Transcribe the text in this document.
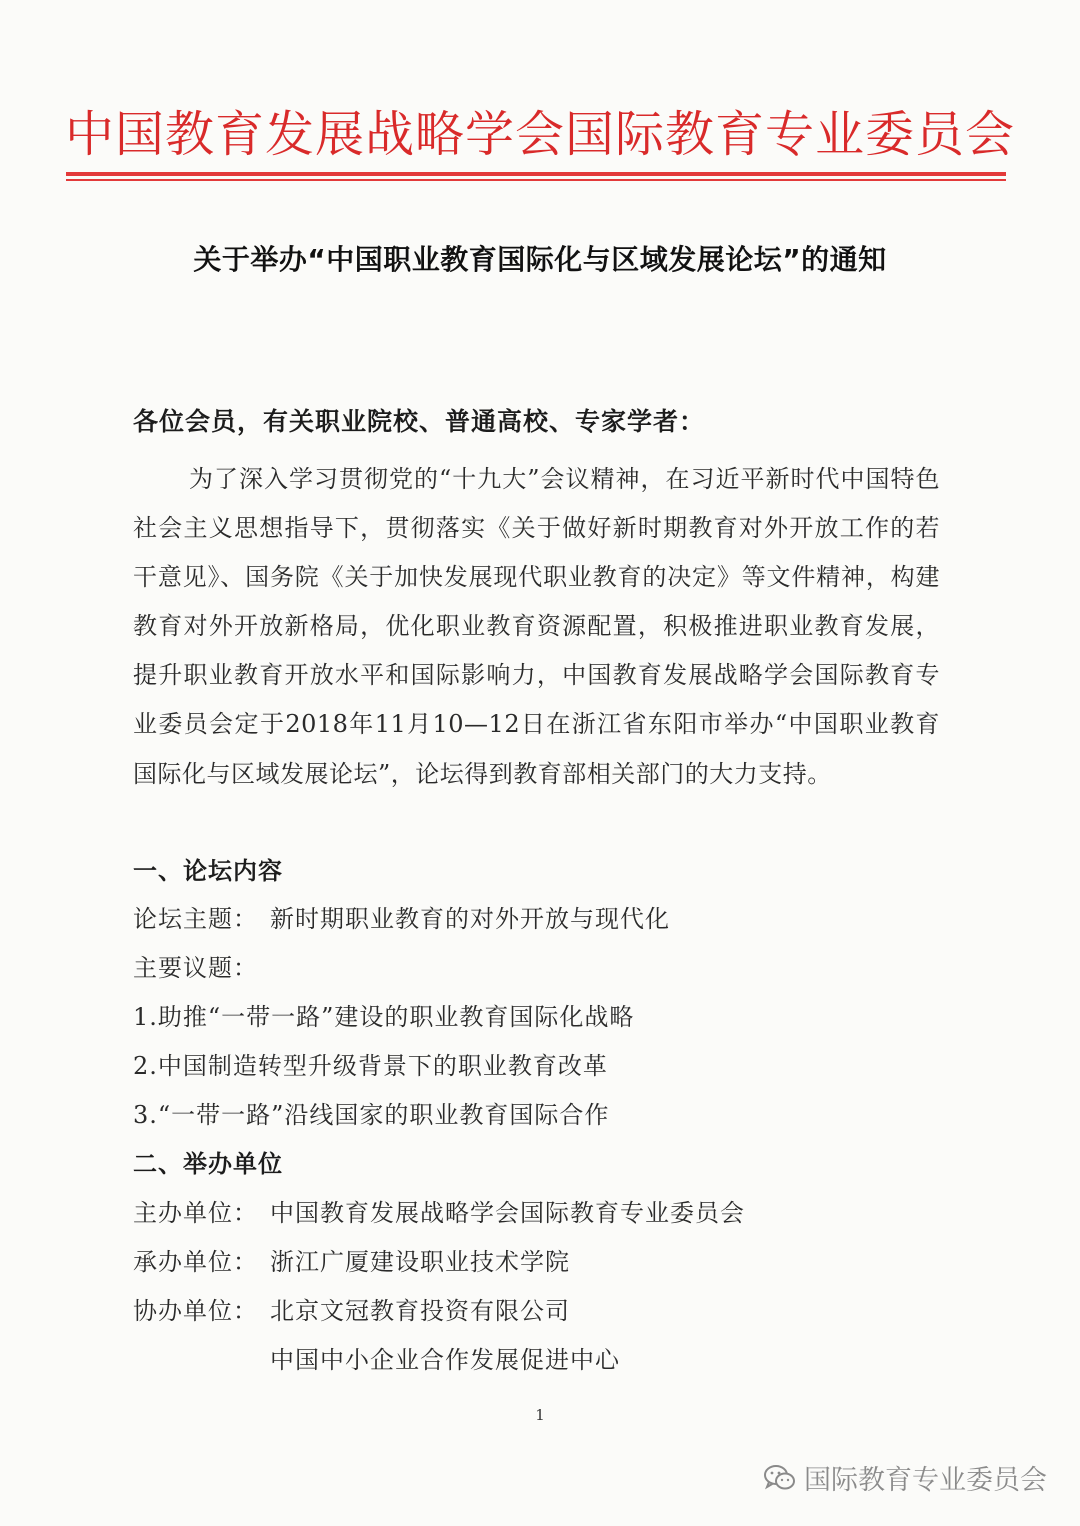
中国教育发展战略学会国际教育专业委员会
关于举办“中国职业教育国际化与区域发展论坛”的通知
各位会员，有关职业院校、普通高校、专家学者：
为了深入学习贯彻党的“十九大”会议精神，在习近平新时代中国特色社会主义思想指导下，贯彻落实《关于做好新时期教育对外开放工作的若干意见》、国务院《关于加快发展现代职业教育的决定》等文件精神，构建教育对外开放新格局，优化职业教育资源配置，积极推进职业教育发展，提升职业教育开放水平和国际影响力，中国教育发展战略学会国际教育专业委员会定于2018年11月10—12日在浙江省东阳市举办“中国职业教育国际化与区域发展论坛”，论坛得到教育部相关部门的大力支持。
一、论坛内容
论坛主题： 新时期职业教育的对外开放与现代化
主要议题：
1.助推“一带一路”建设的职业教育国际化战略
2.中国制造转型升级背景下的职业教育改革
3.“一带一路”沿线国家的职业教育国际合作
二、举办单位
主办单位： 中国教育发展战略学会国际教育专业委员会
承办单位： 浙江广厦建设职业技术学院
协办单位： 北京文冠教育投资有限公司
中国中小企业合作发展促进中心
1
国际教育专业委员会
